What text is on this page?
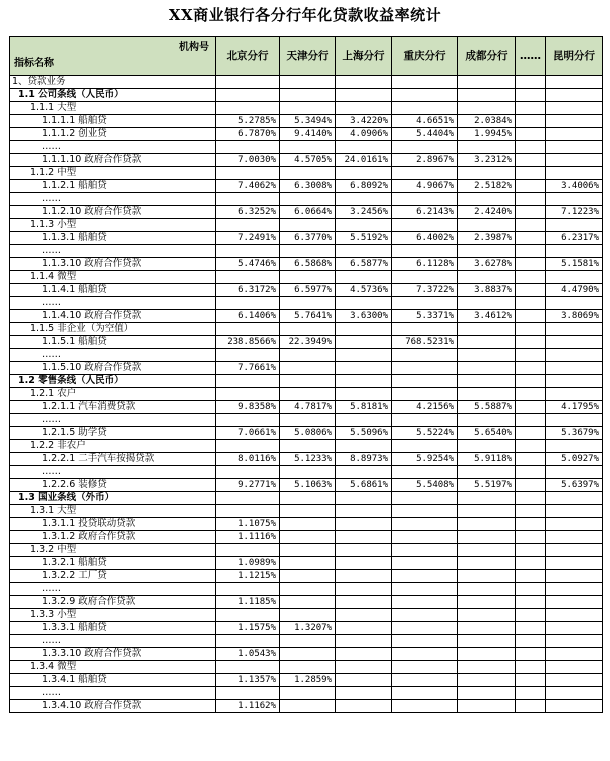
XX商业银行各分行年化贷款收益率统计
机构号
指标名称	北京分行	天津分行	上海分行	重庆分行	成都分行	……	昆明分行
1、贷款业务							
1.1 公司条线（人民币）							
1.1.1 大型							
1.1.1.1 船舶贷	5.2785%	5.3494%	3.4220%	4.6651%	2.0384%		
1.1.1.2 创业贷	6.7870%	9.4140%	4.0906%	5.4404%	1.9945%		
……							
1.1.1.10 政府合作贷款	7.0030%	4.5705%	24.0161%	2.8967%	3.2312%		
1.1.2 中型							
1.1.2.1 船舶贷	7.4062%	6.3008%	6.8092%	4.9067%	2.5182%		3.4006%
……							
1.1.2.10 政府合作贷款	6.3252%	6.0664%	3.2456%	6.2143%	2.4240%		7.1223%
1.1.3 小型							
1.1.3.1 船舶贷	7.2491%	6.3770%	5.5192%	6.4002%	2.3987%		6.2317%
……							
1.1.3.10 政府合作贷款	5.4746%	6.5868%	6.5877%	6.1128%	3.6278%		5.1581%
1.1.4 微型							
1.1.4.1 船舶贷	6.3172%	6.5977%	4.5736%	7.3722%	3.8837%		4.4790%
……							
1.1.4.10 政府合作贷款	6.1406%	5.7641%	3.6300%	5.3371%	3.4612%		3.8069%
1.1.5 非企业（为空值）							
1.1.5.1 船舶贷	238.8566%	22.3949%		768.5231%			
……							
1.1.5.10 政府合作贷款	7.7661%						
1.2 零售条线（人民币）							
1.2.1 农户							
1.2.1.1 汽车消费贷款	9.8358%	4.7817%	5.8181%	4.2156%	5.5887%		4.1795%
……							
1.2.1.5 助学贷	7.0661%	5.0806%	5.5096%	5.5224%	5.6540%		5.3679%
1.2.2 非农户							
1.2.2.1 二手汽车按揭贷款	8.0116%	5.1233%	8.8973%	5.9254%	5.9118%		5.0927%
……							
1.2.2.6 装修贷	9.2771%	5.1063%	5.6861%	5.5408%	5.5197%		5.6397%
1.3 国业条线（外币）							
1.3.1 大型							
1.3.1.1 投贷联动贷款	1.1075%						
1.3.1.2 政府合作贷款	1.1116%						
1.3.2 中型							
1.3.2.1 船舶贷	1.0989%						
1.3.2.2 工厂贷	1.1215%						
……							
1.3.2.9 政府合作贷款	1.1185%						
1.3.3 小型							
1.3.3.1 船舶贷	1.1575%	1.3207%					
……							
1.3.3.10 政府合作贷款	1.0543%						
1.3.4 微型							
1.3.4.1 船舶贷	1.1357%	1.2859%					
……							
1.3.4.10 政府合作贷款	1.1162%						
